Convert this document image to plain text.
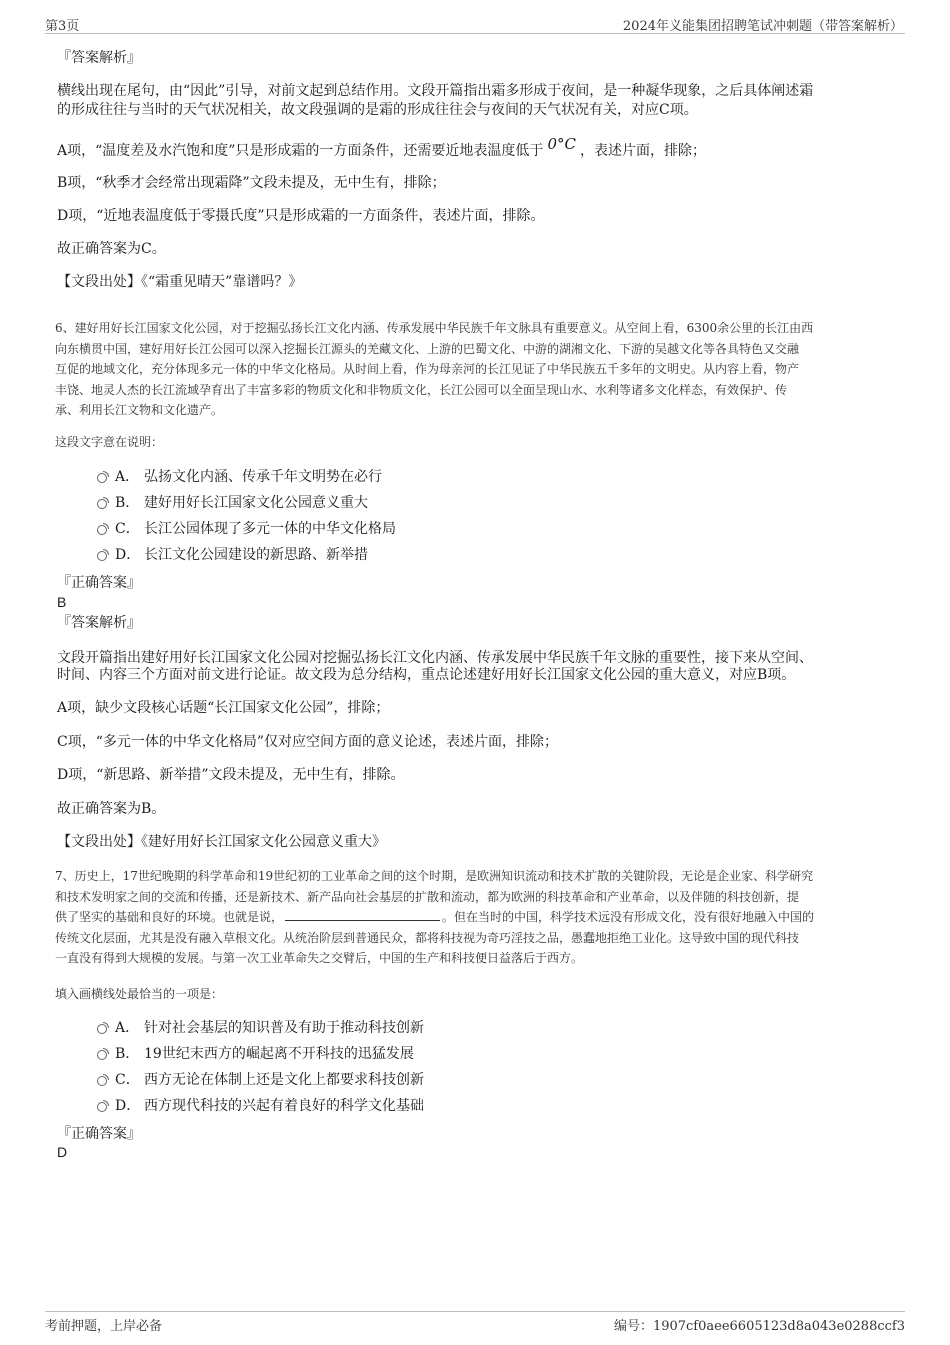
第3页	2024年义能集团招聘笔试冲刺题（带答案解析）
『答案解析』
横线出现在尾句，由“因此”引导，对前文起到总结作用。文段开篇指出霜多形成于夜间，是一种凝华现象，之后具体阐述霜
的形成往往与当时的天气状况相关，故文段强调的是霜的形成往往会与夜间的天气状况有关，对应C项。
A项，“温度差及水汽饱和度”只是形成霜的一方面条件，还需要近地表温度低于 0°C ，表述片面，排除；
B项，“秋季才会经常出现霜降”文段未提及，无中生有，排除；
D项，“近地表温度低于零摄氏度”只是形成霜的一方面条件，表述片面，排除。
故正确答案为C。
【文段出处】《“霜重见晴天”靠谱吗？》
6、建好用好长江国家文化公园，对于挖掘弘扬长江文化内涵、传承发展中华民族千年文脉具有重要意义。从空间上看，6300余公里的长江由西
向东横贯中国，建好用好长江公园可以深入挖掘长江源头的羌藏文化、上游的巴蜀文化、中游的湖湘文化、下游的吴越文化等各具特色又交融
互促的地域文化，充分体现多元一体的中华文化格局。从时间上看，作为母亲河的长江见证了中华民族五千多年的文明史。从内容上看，物产
丰饶、地灵人杰的长江流域孕育出了丰富多彩的物质文化和非物质文化，长江公园可以全面呈现山水、水利等诸多文化样态，有效保护、传
承、利用长江文物和文化遗产。
这段文字意在说明：
A． 弘扬文化内涵、传承千年文明势在必行
B． 建好用好长江国家文化公园意义重大
C． 长江公园体现了多元一体的中华文化格局
D． 长江文化公园建设的新思路、新举措
『正确答案』
B
『答案解析』
文段开篇指出建好用好长江国家文化公园对挖掘弘扬长江文化内涵、传承发展中华民族千年文脉的重要性，接下来从空间、
时间、内容三个方面对前文进行论证。故文段为总分结构，重点论述建好用好长江国家文化公园的重大意义，对应B项。
A项，缺少文段核心话题“长江国家文化公园”，排除；
C项，“多元一体的中华文化格局”仅对应空间方面的意义论述，表述片面，排除；
D项，“新思路、新举措”文段未提及，无中生有，排除。
故正确答案为B。
【文段出处】《建好用好长江国家文化公园意义重大》
7、历史上，17世纪晚期的科学革命和19世纪初的工业革命之间的这个时期，是欧洲知识流动和技术扩散的关键阶段，无论是企业家、科学研究
和技术发明家之间的交流和传播，还是新技术、新产品向社会基层的扩散和流动，都为欧洲的科技革命和产业革命，以及伴随的科技创新，提
供了坚实的基础和良好的环境。也就是说，	。但在当时的中国，科学技术远没有形成文化，没有很好地融入中国的
传统文化层面，尤其是没有融入草根文化。从统治阶层到普通民众，都将科技视为奇巧淫技之品，愚蠢地拒绝工业化。这导致中国的现代科技
一直没有得到大规模的发展。与第一次工业革命失之交臂后，中国的生产和科技便日益落后于西方。
填入画横线处最恰当的一项是：
A． 针对社会基层的知识普及有助于推动科技创新
B． 19世纪末西方的崛起离不开科技的迅猛发展
C． 西方无论在体制上还是文化上都要求科技创新
D． 西方现代科技的兴起有着良好的科学文化基础
『正确答案』
D
考前押题，上岸必备	编号：1907cf0aee6605123d8a043e0288ccf3
